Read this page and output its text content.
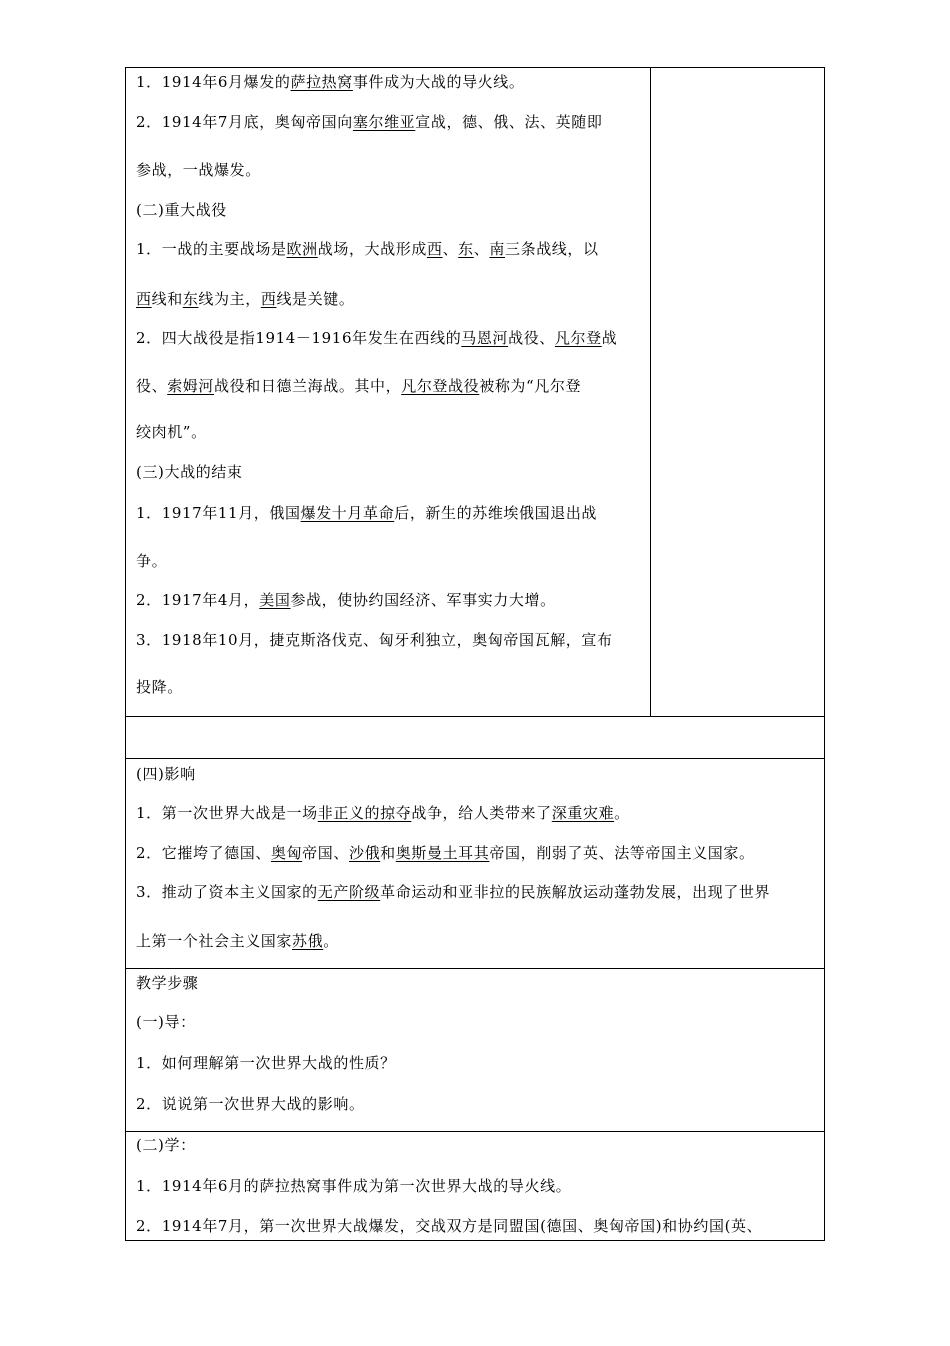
1．1914年6月爆发的萨拉热窝事件成为大战的导火线。
2．1914年7月底，奥匈帝国向塞尔维亚宣战，德、俄、法、英随即
参战，一战爆发。
(二)重大战役
1．一战的主要战场是欧洲战场，大战形成西、东、南三条战线，以
西线和东线为主，西线是关键。
2．四大战役是指1914－1916年发生在西线的马恩河战役、凡尔登战
役、索姆河战役和日德兰海战。其中，凡尔登战役被称为“凡尔登
绞肉机”。
(三)大战的结束
1．1917年11月，俄国爆发十月革命后，新生的苏维埃俄国退出战
争。
2．1917年4月，美国参战，使协约国经济、军事实力大增。
3．1918年10月，捷克斯洛伐克、匈牙利独立，奥匈帝国瓦解，宣布
投降。
(四)影响
1．第一次世界大战是一场非正义的掠夺战争，给人类带来了深重灾难。
2．它摧垮了德国、奥匈帝国、沙俄和奥斯曼土耳其帝国，削弱了英、法等帝国主义国家。
3．推动了资本主义国家的无产阶级革命运动和亚非拉的民族解放运动蓬勃发展，出现了世界
上第一个社会主义国家苏俄。
教学步骤
(一)导：
1．如何理解第一次世界大战的性质？
2．说说第一次世界大战的影响。
(二)学：
1．1914年6月的萨拉热窝事件成为第一次世界大战的导火线。
2．1914年7月，第一次世界大战爆发，交战双方是同盟国(德国、奥匈帝国)和协约国(英、
